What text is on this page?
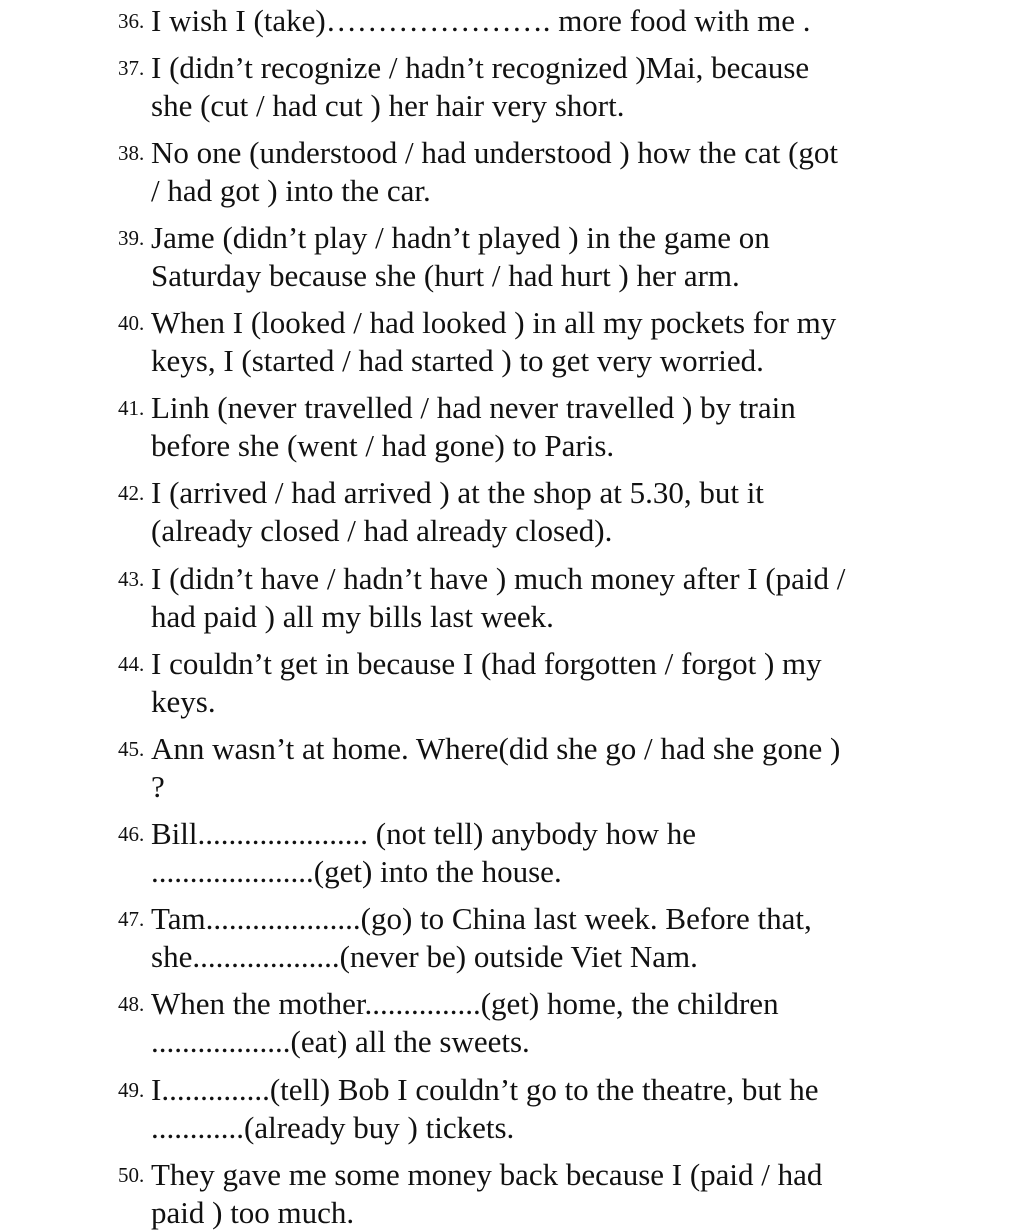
36. I wish I (take)…………………. more food with me .
37. I (didn’t recognize / hadn’t recognized )Mai, because
she (cut / had cut ) her hair very short.
38. No one (understood / had understood ) how the cat (got
/ had got ) into the car.
39. Jame (didn’t play / hadn’t played ) in the game on
Saturday because she (hurt / had hurt ) her arm.
40. When I (looked / had looked ) in all my pockets for my
keys, I (started / had started ) to get very worried.
41. Linh (never travelled / had never travelled ) by train
before she (went / had gone) to Paris.
42. I (arrived / had arrived ) at the shop at 5.30, but it
(already closed / had already closed).
43. I (didn’t have / hadn’t have ) much money after I (paid /
had paid ) all my bills last week.
44. I couldn’t get in because I (had forgotten / forgot ) my
keys.
45. Ann wasn’t at home. Where(did she go / had she gone )
?
46. Bill...................... (not tell) anybody how he
.....................(get) into the house.
47. Tam....................(go) to China last week. Before that,
she...................(never be) outside Viet Nam.
48. When the mother...............(get) home, the children
..................(eat) all the sweets.
49. I..............(tell) Bob I couldn’t go to the theatre, but he
............(already buy ) tickets.
50. They gave me some money back because I (paid / had
paid ) too much.
